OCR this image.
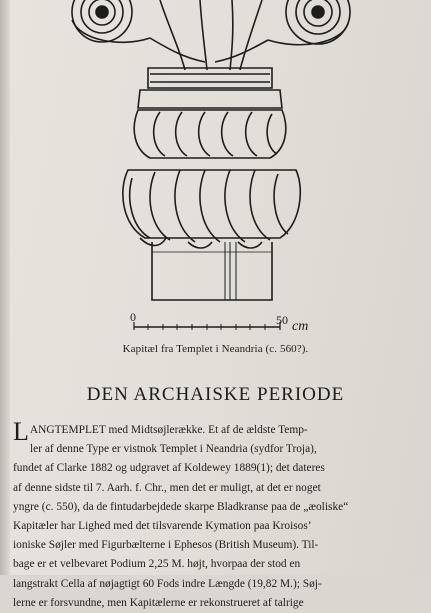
0	50 cm
Kapitæl fra Templet i Neandria (c. 560?).
DEN ARCHAISKE PERIODE
LANGTEMPLET med Midtsøjlerække. Et af de ældste Temp-
ler af denne Type er vistnok Templet i Neandria (sydfor Troja),
fundet af Clarke 1882 og udgravet af Koldewey 1889(1); det dateres
af denne sidste til 7. Aarh. f. Chr., men det er muligt, at det er noget
yngre (c. 550), da de fintudarbejdede skarpe Bladkranse paa de „æoliske“
Kapitæler har Lighed med det tilsvarende Kymation paa Kroisos’
ioniske Søjler med Figurbælterne i Ephesos (British Museum). Til-
bage er et velbevaret Podium 2,25 M. højt, hvorpaa der stod en
langstrakt Cella af nøjagtigt 60 Fods indre Længde (19,82 M.); Søj-
lerne er forsvundne, men Kapitælerne er rekonstrueret af talrige
